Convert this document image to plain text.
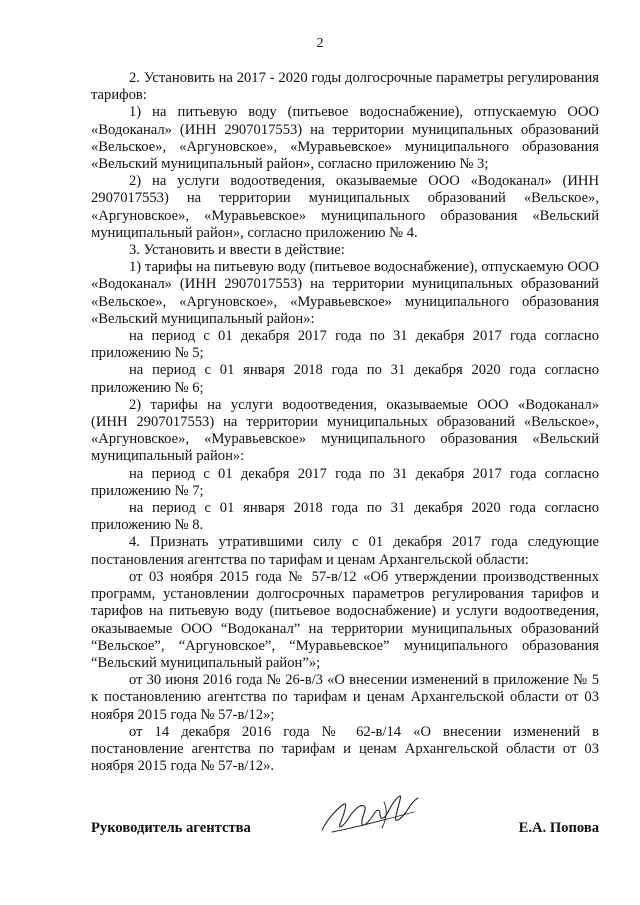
2

2. Установить на 2017 - 2020 годы долгосрочные параметры регулирования тарифов:

1) на питьевую воду (питьевое водоснабжение), отпускаемую ООО «Водоканал» (ИНН 2907017553) на территории муниципальных образований «Вельское», «Аргуновское», «Муравьевское» муниципального образования «Вельский муниципальный район», согласно приложению № 3;

2) на услуги водоотведения, оказываемые ООО «Водоканал» (ИНН 2907017553) на территории муниципальных образований «Вельское», «Аргуновское», «Муравьевское» муниципального образования «Вельский муниципальный район», согласно приложению № 4.

3. Установить и ввести в действие:

1) тарифы на питьевую воду (питьевое водоснабжение), отпускаемую ООО «Водоканал» (ИНН 2907017553) на территории муниципальных образований «Вельское», «Аргуновское», «Муравьевское» муниципального образования «Вельский муниципальный район»:

на период с 01 декабря 2017 года по 31 декабря 2017 года согласно приложению № 5;

на период с 01 января 2018 года по 31 декабря 2020 года согласно приложению № 6;

2) тарифы на услуги водоотведения, оказываемые ООО «Водоканал» (ИНН 2907017553) на территории муниципальных образований «Вельское», «Аргуновское», «Муравьевское» муниципального образования «Вельский муниципальный район»:

на период с 01 декабря 2017 года по 31 декабря 2017 года согласно приложению № 7;

на период с 01 января 2018 года по 31 декабря 2020 года согласно приложению № 8.

4. Признать утратившими силу с 01 декабря 2017 года следующие постановления агентства по тарифам и ценам Архангельской области:

от 03 ноября 2015 года № 57-в/12 «Об утверждении производственных программ, установлении долгосрочных параметров регулирования тарифов и тарифов на питьевую воду (питьевое водоснабжение) и услуги водоотведения, оказываемые ООО “Водоканал” на территории муниципальных образований “Вельское”, “Аргуновское”, “Муравьевское” муниципального образования “Вельский муниципальный район”»;

от 30 июня 2016 года № 26-в/3 «О внесении изменений в приложение № 5 к постановлению агентства по тарифам и ценам Архангельской области от 03 ноября 2015 года № 57-в/12»;

от 14 декабря 2016 года № 62-в/14 «О внесении изменений в постановление агентства по тарифам и ценам Архангельской области от 03 ноября 2015 года № 57-в/12».

Руководитель агентства	Е.А. Попова
